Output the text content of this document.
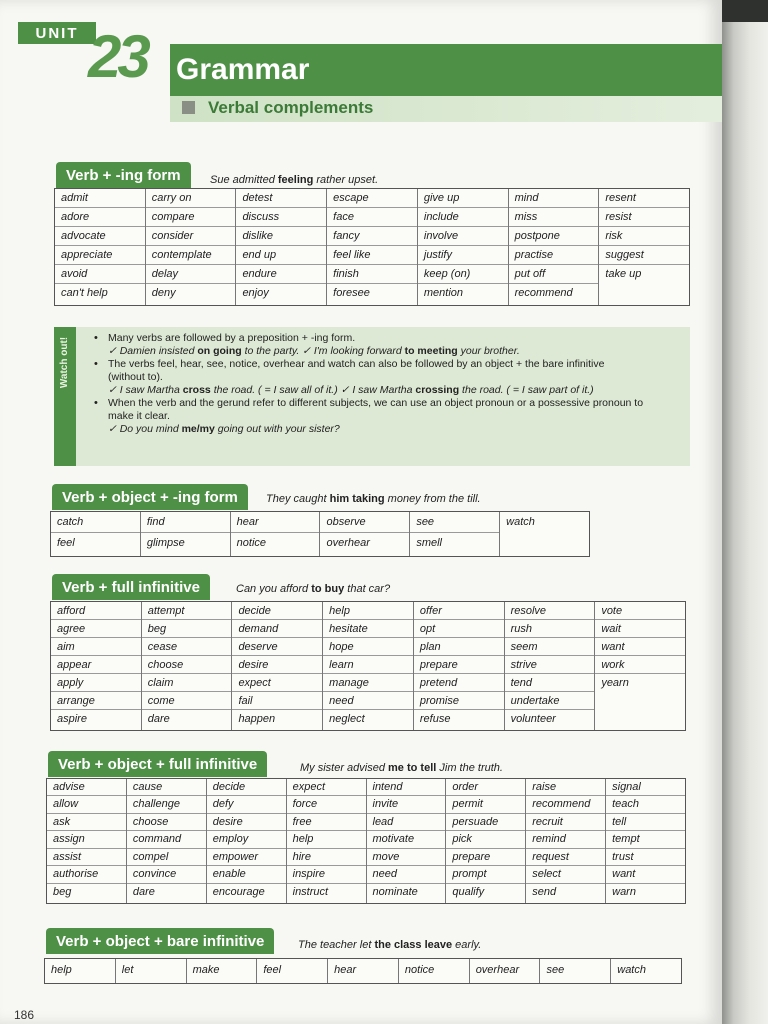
UNIT 23 Grammar
Verbal complements
Verb + -ing form	Sue admitted feeling rather upset.
admit
adore
advocate
appreciate
avoid
can't help
carry on
compare
consider
contemplate
delay
deny
detest
discuss
dislike
end up
endure
enjoy
escape
face
fancy
feel like
finish
foresee
give up
include
involve
justify
keep (on)
mention
mind
miss
postpone
practise
put off
recommend
resent
resist
risk
suggest
take up
Watch out!
•	Many verbs are followed by a preposition + -ing form.
✓ Damien insisted on going to the party. ✓ I'm looking forward to meeting your brother.
• The verbs feel, hear, see, notice, overhear and watch can also be followed by an object + the bare infinitive
(without to).
✓ I saw Martha cross the road. ( = I saw all of it.) ✓ I saw Martha crossing the road. ( = I saw part of it.)
• When the verb and the gerund refer to different subjects, we can use an object pronoun or a possessive pronoun to
make it clear.
✓ Do you mind me/my going out with your sister?
Verb + object + -ing form	They caught him taking money from the till.
catch
feel
find
glimpse
hear
notice
observe
overhear
see
smell
watch
Verb + full infinitive	Can you afford to buy that car?
afford
agree
aim
appear
apply
arrange
aspire
attempt
beg
cease
choose
claim
come
dare
decide
demand
deserve
desire
expect
fail
happen
help
hesitate
hope
learn
manage
need
neglect
offer
opt
plan
prepare
pretend
promise
refuse
resolve
rush
seem
strive
tend
undertake
volunteer
vote
wait
want
work
yearn
Verb + object + full infinitive	My sister advised me to tell Jim the truth.
advise
allow
ask
assign
assist
authorise
beg
cause
challenge
choose
command
compel
convince
dare
decide
defy
desire
employ
empower
enable
encourage
expect
force
free
help
hire
inspire
instruct
intend
invite
lead
motivate
move
need
nominate
order
permit
persuade
pick
prepare
prompt
qualify
raise
recommend
recruit
remind
request
select
send
signal
teach
tell
tempt
trust
want
warn
Verb + object + bare infinitive	The teacher let the class leave early.
help	let	make	feel	hear	notice	overhear	see	watch
186
